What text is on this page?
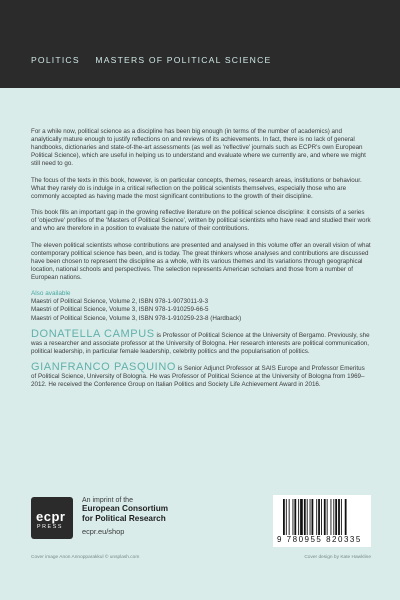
POLITICS MASTERS OF POLITICAL SCIENCE

For a while now, political science as a discipline has been big enough (in terms of the number of academics) and analytically mature enough to justify reflections on and reviews of its achievements. In fact, there is no lack of general handbooks, dictionaries and state-of-the-art assessments (as well as 'reflective' journals such as ECPR's own European Political Science), which are useful in helping us to understand and evaluate where we currently are, and where we might still need to go.

The focus of the texts in this book, however, is on particular concepts, themes, research areas, institutions or behaviour. What they rarely do is indulge in a critical reflection on the political scientists themselves, especially those who are commonly accepted as having made the most significant contributions to the growth of their discipline.

This book fills an important gap in the growing reflective literature on the political science discipline: it consists of a series of 'objective' profiles of the 'Masters of Political Science', written by political scientists who have read and studied their work and who are therefore in a position to evaluate the nature of their contributions.

The eleven political scientists whose contributions are presented and analysed in this volume offer an overall vision of what contemporary political science has been, and is today. The great thinkers whose analyses and contributions are discussed have been chosen to represent the discipline as a whole, with its various themes and its variations through geographical location, national schools and perspectives. The selection represents American scholars and those from a number of European nations.

Also available
Maestri of Political Science, Volume 2, ISBN 978-1-9073011-9-3
Maestri of Political Science, Volume 3, ISBN 978-1-910259-66-5
Maestri of Political Science, Volume 3, ISBN 978-1-910259-23-8 (Hardback)
DONATELLA CAMPUS is Professor of Political Science at the University of Bergamo. Previously, she was a researcher and associate professor at the University of Bologna. Her research interests are political communication, political leadership, in particular female leadership, celebrity politics and the popularisation of politics.
GIANFRANCO PASQUINO is Senior Adjunct Professor at SAIS Europe and Professor Emeritus of Political Science, University of Bologna. He was Professor of Political Science at the University of Bologna from 1969–2012. He received the Conference Group on Italian Politics and Society Life Achievement Award in 2016.
ecpr
PRESS
An imprint of the
European Consortium
for Political Research
ecpr.eu/shop
9 780955 820335
Cover image Anon Annopparakkul © unsplash.com	Cover design by Kate Hawkline
